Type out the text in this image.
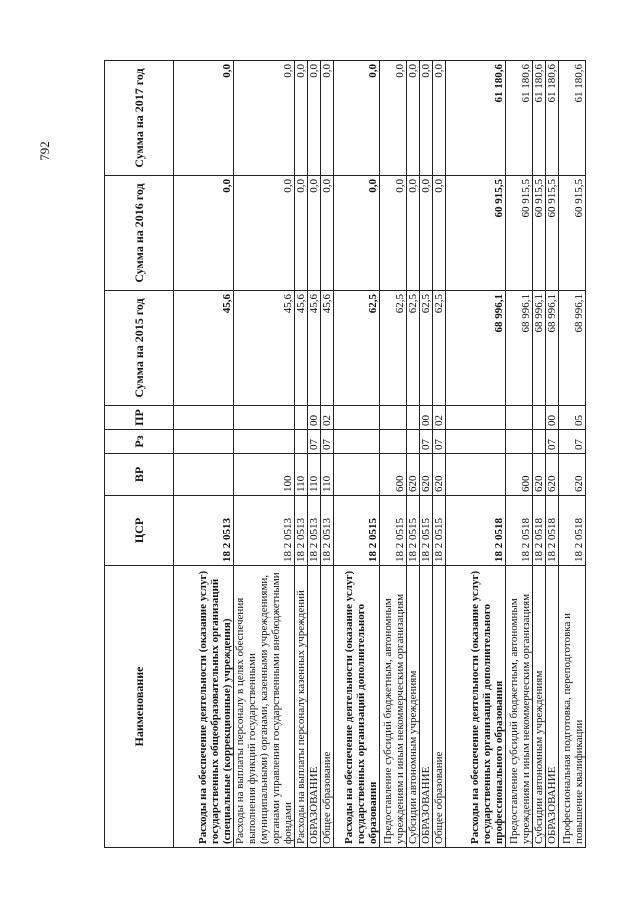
792
Наименование	ЦСР	ВР	Рз	ПР	Сумма на 2015 год	Сумма на 2016 год	Сумма на 2017 год
Расходы на обеспечение деятельности (оказание услуг) государственных общеобразовательных организаций (специальные (коррекционные) учреждения)	18 2 0513				45,6	0,0	0,0
Расходы на выплаты персоналу в целях обеспечения выполнения функций государственными (муниципальными) органами, казенными учреждениями, органами управления государственными внебюджетными фондами	18 2 0513	100			45,6	0,0	0,0
Расходы на выплаты персоналу казенных учреждений	18 2 0513	110			45,6	0,0	0,0
ОБРАЗОВАНИЕ	18 2 0513	110	07	00	45,6	0,0	0,0
Общее образование	18 2 0513	110	07	02	45,6	0,0	0,0
Расходы на обеспечение деятельности (оказание услуг) государственных организаций дополнительного образования	18 2 0515				62,5	0,0	0,0
Предоставление субсидий бюджетным, автономным учреждениям и иным некоммерческим организациям	18 2 0515	600			62,5	0,0	0,0
Субсидии автономным учреждениям	18 2 0515	620			62,5	0,0	0,0
ОБРАЗОВАНИЕ	18 2 0515	620	07	00	62,5	0,0	0,0
Общее образование	18 2 0515	620	07	02	62,5	0,0	0,0
Расходы на обеспечение деятельности (оказание услуг) государственных организаций дополнительного профессионального образования	18 2 0518				68 996,1	60 915,5	61 180,6
Предоставление субсидий бюджетным, автономным учреждениям и иным некоммерческим организациям	18 2 0518	600			68 996,1	60 915,5	61 180,6
Субсидии автономным учреждениям	18 2 0518	620			68 996,1	60 915,5	61 180,6
ОБРАЗОВАНИЕ	18 2 0518	620	07	00	68 996,1	60 915,5	61 180,6
Профессиональная подготовка, переподготовка и повышение квалификации	18 2 0518	620	07	05	68 996,1	60 915,5	61 180,6
